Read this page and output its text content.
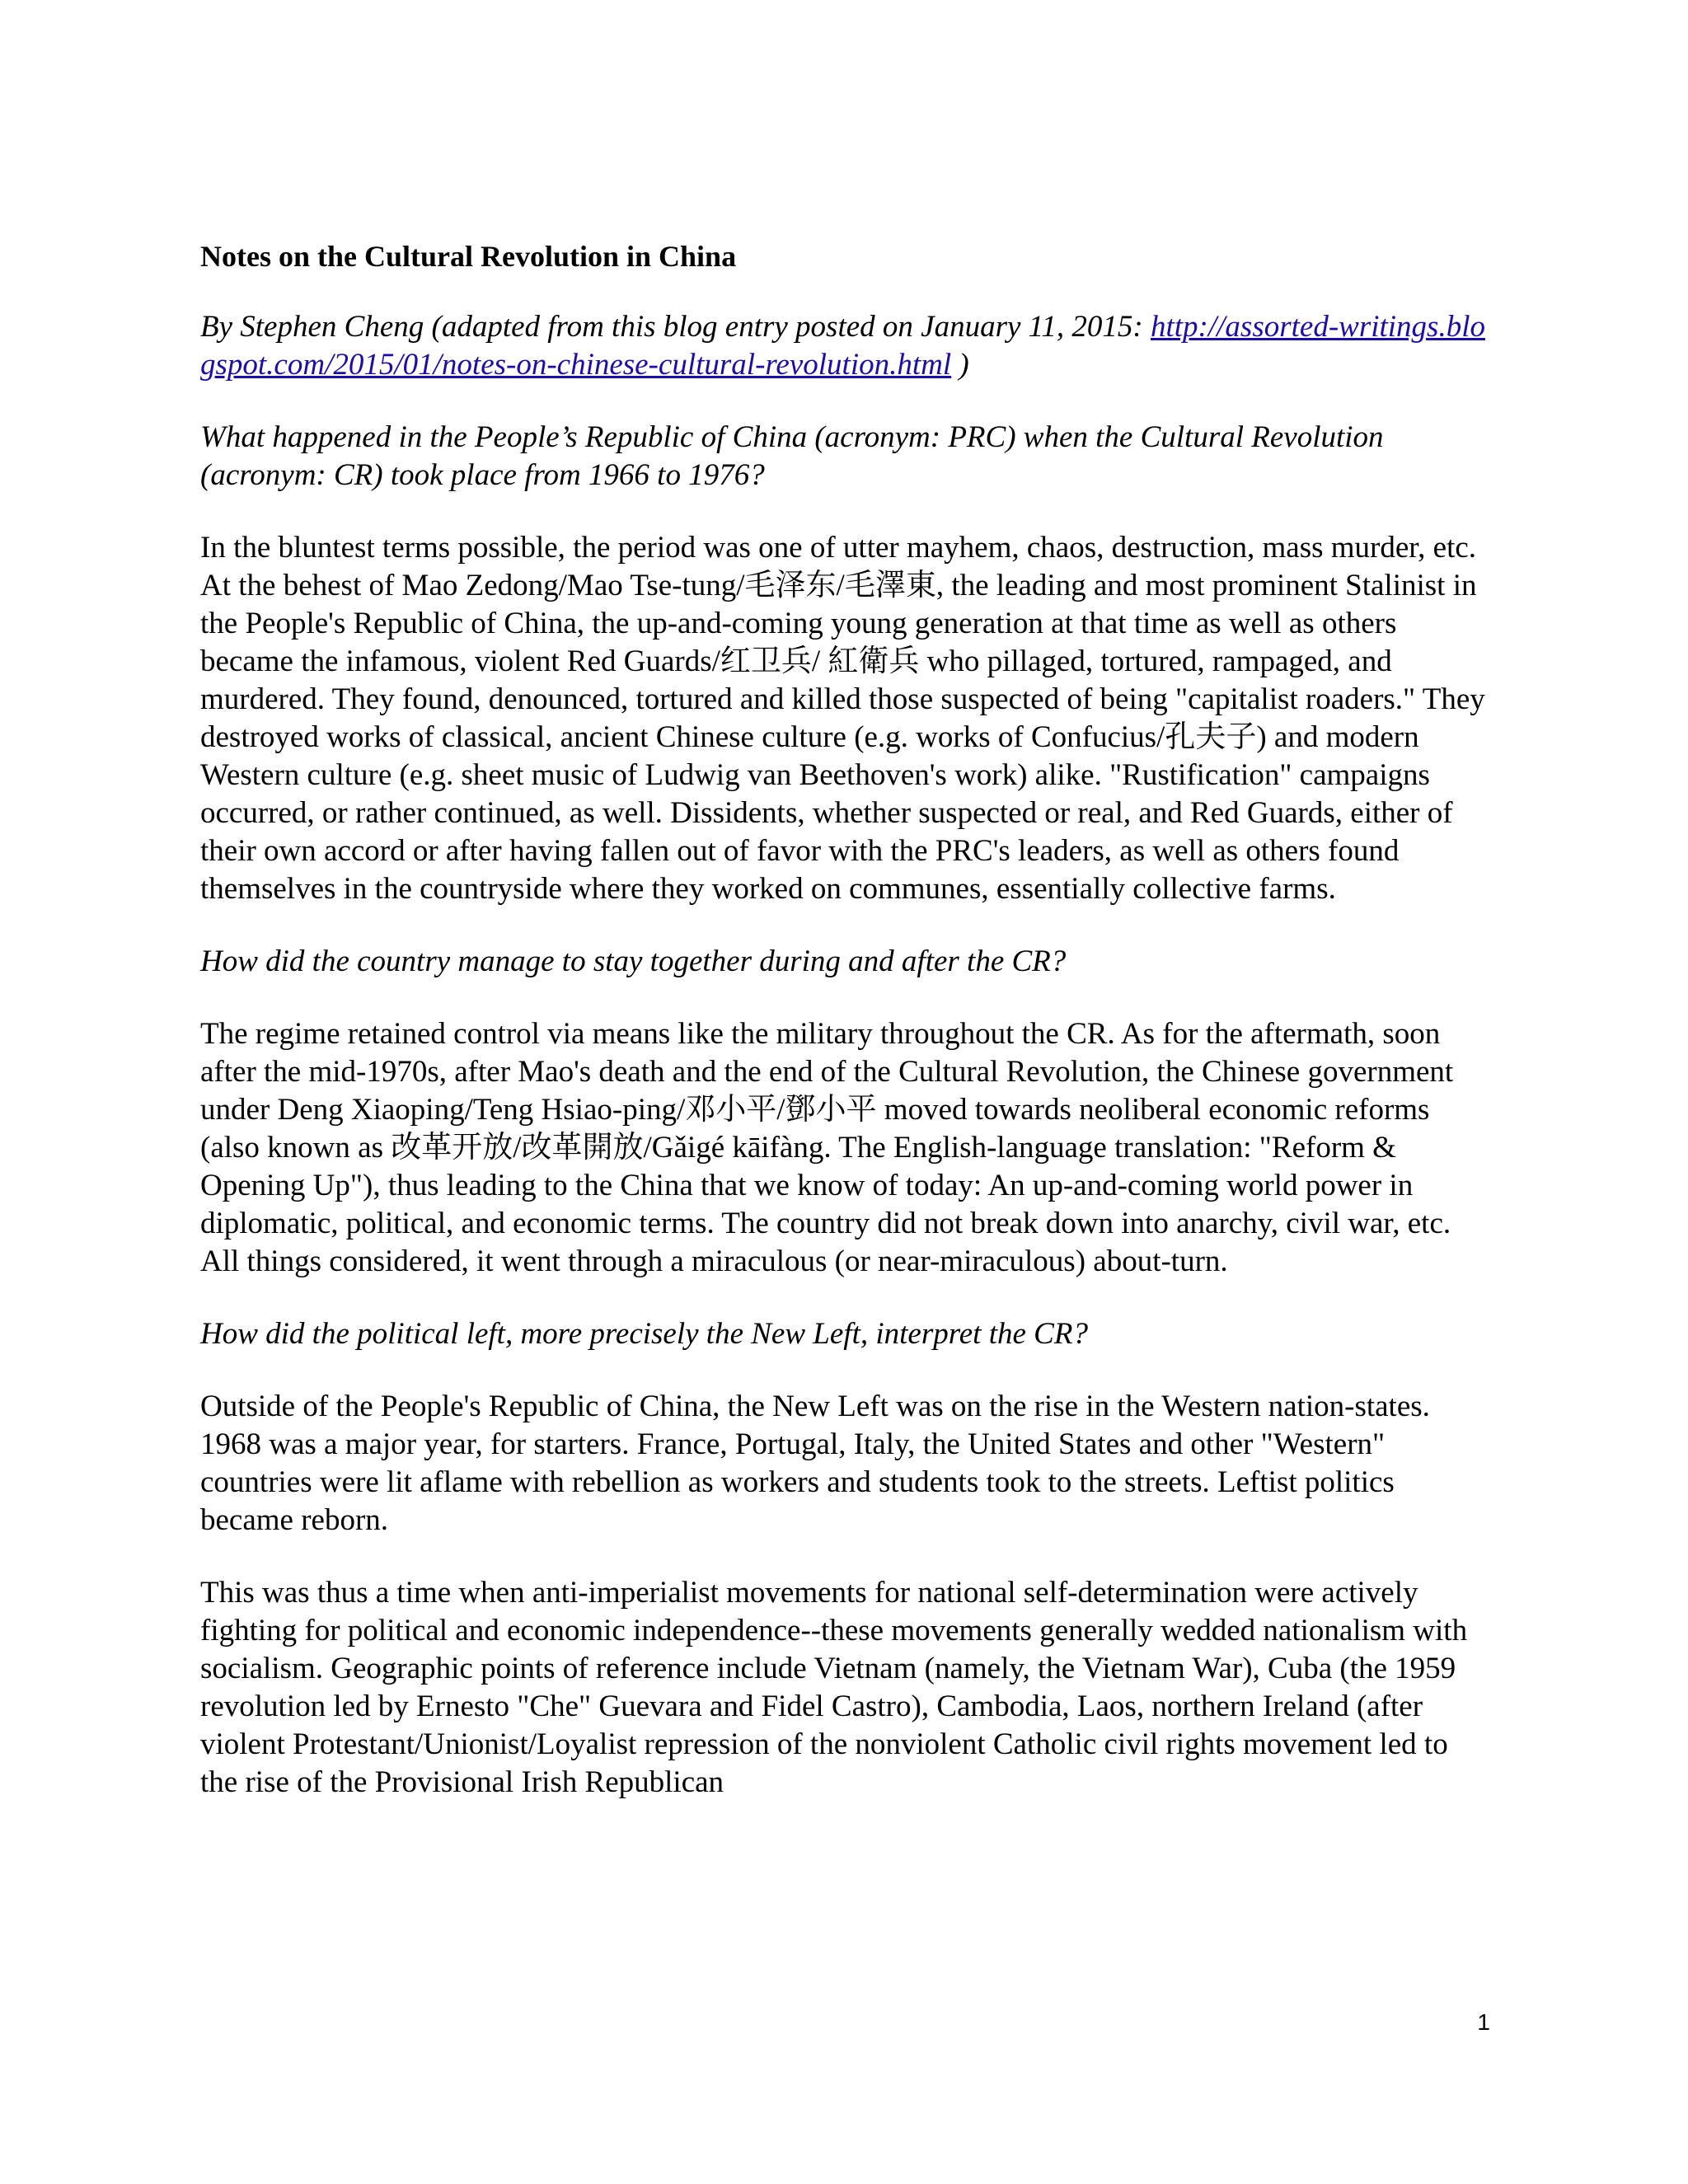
Notes on the Cultural Revolution in China
By Stephen Cheng (adapted from this blog entry posted on January 11, 2015: http://assorted-writings.blogspot.com/2015/01/notes-on-chinese-cultural-revolution.html )
What happened in the People’s Republic of China (acronym: PRC) when the Cultural Revolution (acronym: CR) took place from 1966 to 1976?
In the bluntest terms possible, the period was one of utter mayhem, chaos, destruction, mass murder, etc. At the behest of Mao Zedong/Mao Tse-tung/毛泽东/毛澤東, the leading and most prominent Stalinist in the People's Republic of China, the up-and-coming young generation at that time as well as others became the infamous, violent Red Guards/红卫兵/ 紅衛兵 who pillaged, tortured, rampaged, and murdered. They found, denounced, tortured and killed those suspected of being "capitalist roaders." They destroyed works of classical, ancient Chinese culture (e.g. works of Confucius/孔夫子) and modern Western culture (e.g. sheet music of Ludwig van Beethoven's work) alike. "Rustification" campaigns occurred, or rather continued, as well. Dissidents, whether suspected or real, and Red Guards, either of their own accord or after having fallen out of favor with the PRC's leaders, as well as others found themselves in the countryside where they worked on communes, essentially collective farms.
How did the country manage to stay together during and after the CR?
The regime retained control via means like the military throughout the CR. As for the aftermath, soon after the mid-1970s, after Mao's death and the end of the Cultural Revolution, the Chinese government under Deng Xiaoping/Teng Hsiao-ping/邓小平/鄧小平 moved towards neoliberal economic reforms (also known as 改革开放/改革開放/Gǎigé kāifàng. The English-language translation: "Reform & Opening Up"), thus leading to the China that we know of today: An up-and-coming world power in diplomatic, political, and economic terms. The country did not break down into anarchy, civil war, etc. All things considered, it went through a miraculous (or near-miraculous) about-turn.
How did the political left, more precisely the New Left, interpret the CR?
Outside of the People's Republic of China, the New Left was on the rise in the Western nation-states. 1968 was a major year, for starters. France, Portugal, Italy, the United States and other "Western" countries were lit aflame with rebellion as workers and students took to the streets. Leftist politics became reborn.
This was thus a time when anti-imperialist movements for national self-determination were actively fighting for political and economic independence--these movements generally wedded nationalism with socialism. Geographic points of reference include Vietnam (namely, the Vietnam War), Cuba (the 1959 revolution led by Ernesto "Che" Guevara and Fidel Castro), Cambodia, Laos, northern Ireland (after violent Protestant/Unionist/Loyalist repression of the nonviolent Catholic civil rights movement led to the rise of the Provisional Irish Republican
1
